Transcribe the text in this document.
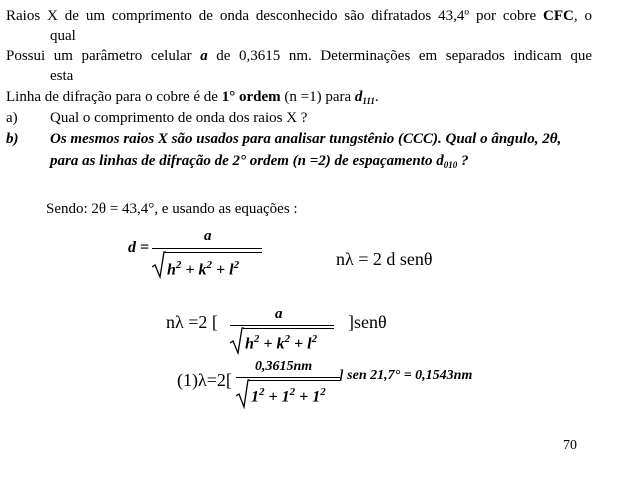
Raios X de um comprimento de onda desconhecido são difratados 43,4º por cobre CFC, o
qual
Possui um parâmetro celular a de 0,3615 nm. Determinações em separados indicam que
esta
Linha de difração para o cobre é de 1° ordem (n =1) para $d_{111}$.
a) Qual o comprimento de onda dos raios X ?
b) Os mesmos raios X são usados para analisar tungstênio (CCC). Qual o ângulo, 2θ,
para as linhas de difração de 2° ordem (n =2) de espaçamento $d_{010}$ ?
Sendo: 2θ = 43,4°, e usando as equações :
d =
a
$h^2 + k^2 + l^2$	nλ = 2 d senθ
nλ =2 [	a
$h^2 + k^2 + l^2$
]senθ
(1)λ=2[
0,3615nm
$1^2 + 1^2 + 1^2$
] sen 21,7° = 0,1543nm
70
